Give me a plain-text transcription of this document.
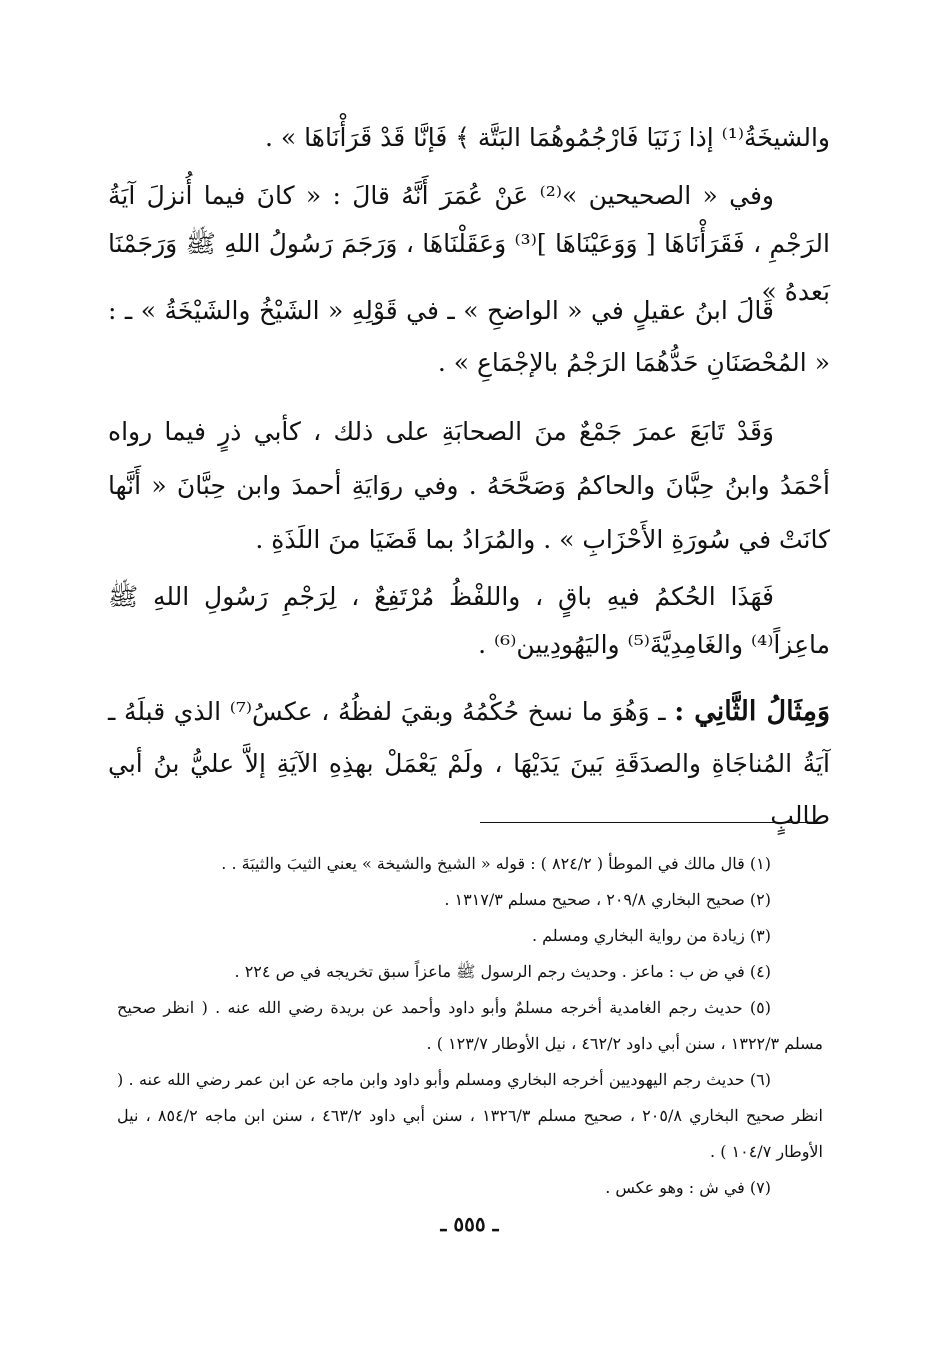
والشيخَةُ⁽¹⁾ إذا زَنَيَا فَارْجُمُوهُمَا البَتَّة ﴾ فَإنَّا قَدْ قَرَأْنَاهَا » .

وفي « الصحيحين »⁽²⁾ عَنْ عُمَرَ أَنَّهُ قالَ : « كانَ فيما أُنزلَ آيَةُ الرَجْمِ ، فَقَرَأْنَاهَا [ وَوَعَيْنَاهَا ]⁽³⁾ وَعَقَلْنَاهَا ، وَرَجَمَ رَسُولُ اللهِ ﷺ وَرَجَمْنَا بَعدهُ » .

قَالَ ابنُ عقيلٍ في « الواضحِ » ـ في قَوْلِهِ « الشَيْخُ والشَيْخَةُ » ـ : « المُحْصَنَانِ حَدُّهُمَا الرَجْمُ بالإجْمَاعِ » .

وَقَدْ تَابَعَ عمرَ جَمْعٌ منَ الصحابَةِ على ذلك ، كأبي ذرٍ فيما رواه أحْمَدُ وابنُ حِبَّانَ والحاكمُ وَصَحَّحَهُ . وفي روَايَةِ أحمدَ وابن حِبَّانَ « أَنَّها كانَتْ في سُورَةِ الأَحْزَابِ » . والمُرَادُ بما قَضَيَا منَ اللَذَةِ .

فَهَذَا الحُكمُ فيهِ باقٍ ، واللفْظُ مُرْتَفِعٌ ، لِرَجْمِ رَسُولِ اللهِ ﷺ ماعِزاً⁽⁴⁾ والغَامِدِيَّةَ⁽⁵⁾ واليَهُودِيين⁽⁶⁾ .

وَمِثَالُ الثَّانِي : ـ وَهُوَ ما نسخ حُكْمُهُ وبقيَ لفظُهُ ، عكسُ⁽⁷⁾ الذي قبلَهُ ـ آيَةُ المُناجَاةِ والصدَقَةِ بَينَ يَدَيْهَا ، ولَمْ يَعْمَلْ بهذِهِ الآيَةِ إلاَّ عليُّ بنُ أبي طالبٍ

(١) قال مالك في الموطأ ( ٨٢٤/٢ ) : قوله « الشيخ والشيخة » يعني الثيبَ والثيبَةَ . .

(٢) صحيح البخاري ٢٠٩/٨ ، صحيح مسلم ١٣١٧/٣ .

(٣) زيادة من رواية البخاري ومسلم .

(٤) في ض ب : ماعز . وحديث رجم الرسول ﷺ ماعزاً سبق تخريجه في ص ٢٢٤ .

(٥) حديث رجم الغامدية أخرجه مسلمٌ وأبو داود وأحمد عن بريدة رضي الله عنه . ( انظر صحيح مسلم ١٣٢٢/٣ ، سنن أبي داود ٤٦٢/٢ ، نيل الأوطار ١٢٣/٧ ) .

(٦) حديث رجم اليهوديين أخرجه البخاري ومسلم وأبو داود وابن ماجه عن ابن عمر رضي الله عنه . ( انظر صحيح البخاري ٢٠٥/٨ ، صحيح مسلم ١٣٢٦/٣ ، سنن أبي داود ٤٦٣/٢ ، سنن ابن ماجه ٨٥٤/٢ ، نيل الأوطار ١٠٤/٧ ) .

(٧) في ش : وهو عكس .

ـ ٥٥٥ ـ
